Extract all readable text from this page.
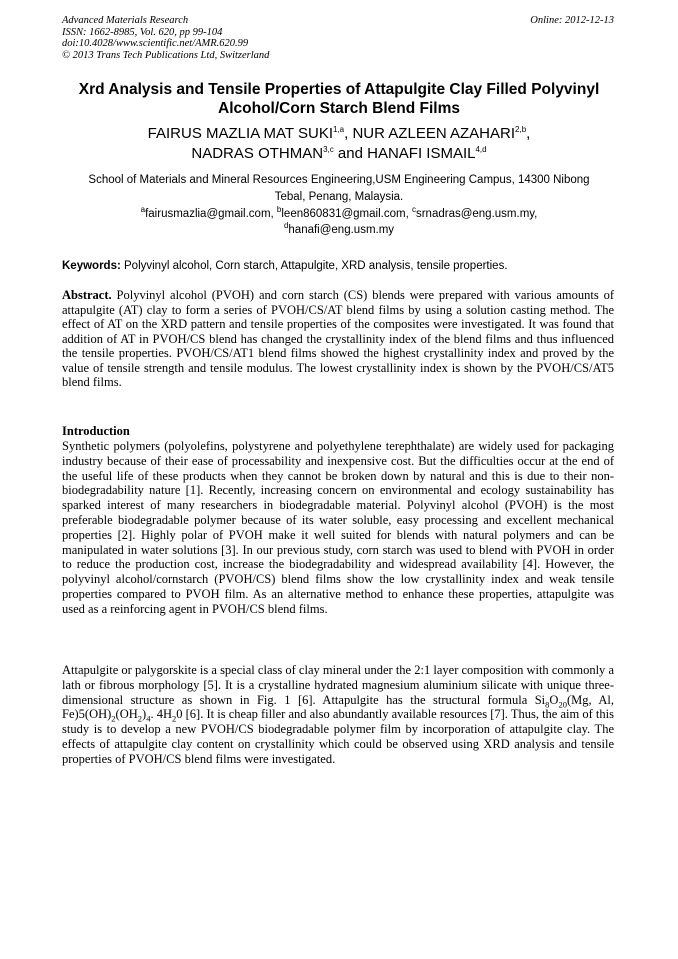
Advanced Materials Research
ISSN: 1662-8985, Vol. 620, pp 99-104
doi:10.4028/www.scientific.net/AMR.620.99
© 2013 Trans Tech Publications Ltd, Switzerland
Online: 2012-12-13
Xrd Analysis and Tensile Properties of Attapulgite Clay Filled Polyvinyl
Alcohol/Corn Starch Blend Films
FAIRUS MAZLIA MAT SUKI$^{1,a}$, NUR AZLEEN AZAHARI$^{2,b}$,
NADRAS OTHMAN$^{3,c}$ and HANAFI ISMAIL$^{4,d}$
School of Materials and Mineral Resources Engineering,USM Engineering Campus, 14300 Nibong
Tebal, Penang, Malaysia.
$^a$fairusmazlia@gmail.com, $^b$leen860831@gmail.com, $^c$srnadras@eng.usm.my,
$^d$hanafi@eng.usm.my
Keywords: Polyvinyl alcohol, Corn starch, Attapulgite, XRD analysis, tensile properties.
Abstract. Polyvinyl alcohol (PVOH) and corn starch (CS) blends were prepared with various amounts of attapulgite (AT) clay to form a series of PVOH/CS/AT blend films by using a solution casting method. The effect of AT on the XRD pattern and tensile properties of the composites were investigated. It was found that addition of AT in PVOH/CS blend has changed the crystallinity index of the blend films and thus influenced the tensile properties. PVOH/CS/AT1 blend films showed the highest crystallinity index and proved by the value of tensile strength and tensile modulus. The lowest crystallinity index is shown by the PVOH/CS/AT5 blend films.
Introduction
Synthetic polymers (polyolefins, polystyrene and polyethylene terephthalate) are widely used for packaging industry because of their ease of processability and inexpensive cost. But the difficulties occur at the end of the useful life of these products when they cannot be broken down by natural and this is due to their non-biodegradability nature [1]. Recently, increasing concern on environmental and ecology sustainability has sparked interest of many researchers in biodegradable material. Polyvinyl alcohol (PVOH) is the most preferable biodegradable polymer because of its water soluble, easy processing and excellent mechanical properties [2]. Highly polar of PVOH make it well suited for blends with natural polymers and can be manipulated in water solutions [3]. In our previous study, corn starch was used to blend with PVOH in order to reduce the production cost, increase the biodegradability and widespread availability [4]. However, the polyvinyl alcohol/cornstarch (PVOH/CS) blend films show the low crystallinity index and weak tensile properties compared to PVOH film. As an alternative method to enhance these properties, attapulgite was used as a reinforcing agent in PVOH/CS blend films.
Attapulgite or palygorskite is a special class of clay mineral under the 2:1 layer composition with commonly a lath or fibrous morphology [5]. It is a crystalline hydrated magnesium aluminium silicate with unique three-dimensional structure as shown in Fig. 1 [6]. Attapulgite has the structural formula $Si_8O_{20}(Mg$, Al, $Fe)5(OH)_2(OH_2)_4$. $4H_20$ [6]. It is cheap filler and also abundantly available resources [7]. Thus, the aim of this study is to develop a new PVOH/CS biodegradable polymer film by incorporation of attapulgite clay. The effects of attapulgite clay content on crystallinity which could be observed using XRD analysis and tensile properties of PVOH/CS blend films were investigated.
